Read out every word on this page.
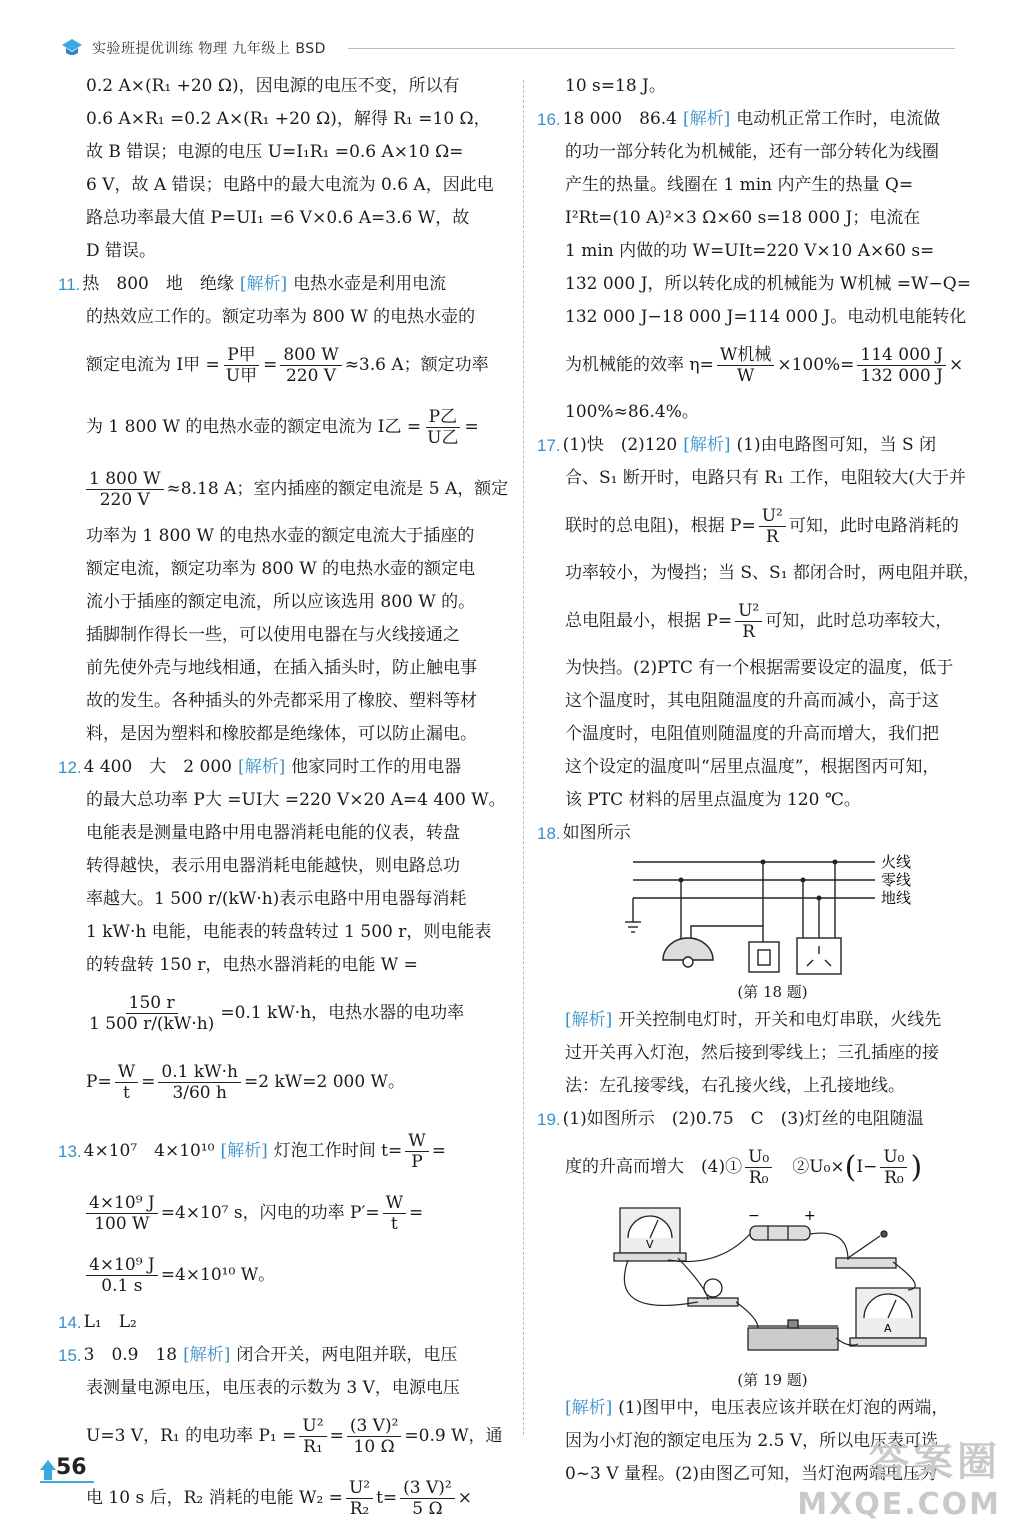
实验班提优训练 物理 九年级上 BSD
0.2 A×(R₁ +20 Ω)，因电源的电压不变，所以有
0.6 A×R₁ =0.2 A×(R₁ +20 Ω)，解得 R₁ =10 Ω，
故 B 错误；电源的电压 U=I₁R₁ =0.6 A×10 Ω=
6 V，故 A 错误；电路中的最大电流为 0.6 A，因此电
路总功率最大值 P=UI₁ =6 V×0.6 A=3.6 W，故
D 错误。
11. 热　800　地　绝缘 [ 解析 ] 电热水壶是利用电流
的热效应工作的。额定功率为 800 W 的电热水壶的
额定电流为 I甲 = $\frac{\text{P甲}}{\text{U甲}} = \frac{800 W}{220 V} \approx 3.6$ A；额定功率
为 1 800 W 的电热水壶的额定电流为 I乙 = $\frac{\text{P乙}}{\text{U乙}}$ =
$\frac{1 800 W}{220 V} \approx 8.18$ A；室内插座的额定电流是 5 A，额定
功率为 1 800 W 的电热水壶的额定电流大于插座的
额定电流，额定功率为 800 W 的电热水壶的额定电
流小于插座的额定电流，所以应该选用 800 W 的。
插脚制作得长一些，可以使用电器在与火线接通之
前先使外壳与地线相通，在插入插头时，防止触电事
故的发生。各种插头的外壳都采用了橡胶、塑料等材
料，是因为塑料和橡胶都是绝缘体，可以防止漏电。
12. 4 400　大　2 000 [ 解析 ] 他家同时工作的用电器
的最大总功率 P大 =UI大 =220 V×20 A=4 400 W。
电能表是测量电路中用电器消耗电能的仪表，转盘
转得越快，表示用电器消耗电能越快，则电路总功
率越大。1 500 r/(kW·h)表示电路中用电器每消耗
1 kW·h 电能，电能表的转盘转过 1 500 r，则电能表
的转盘转 150 r，电热水器消耗的电能 W =
$\frac{150 r}{1 500 r/(kW\cdot h)} =0.1$ kW·h，电热水器的电功率
$P= \frac{W}{t} = \frac{0.1 kW\cdot h}{3/60 h} =2$ kW=2 000 W。
13. 4×10⁷　4×10¹⁰ [ 解析 ] 灯泡工作时间 $t= \frac{W}{P}$ =
$\frac{\text{4×10⁹ J}}{100 W} =4\times 10^7$ s，闪电的功率 $P'= \frac{W}{t}$ =
$\frac{\text{4×10⁹ J}}{0.1 s} =4\times 10^{10}$ W。
14. L₁　L₂
15. 3　0.9　18 [ 解析 ] 闭合开关，两电阻并联，电压
表测量电源电压，电压表的示数为 3 V，电源电压
U=3 V，R₁ 的电功率 $P_1 = \frac{\text{U²}}{\text{R₁}} = \frac{\text{(3 V)²}}{10 \Omega} =0.9$ W，通
电 10 s 后，R₂ 消耗的电能 $W_2 = \frac{\text{U²}}{\text{R₂}} t= \frac{\text{(3 V)²}}{5 \Omega}$ ×
10 s=18 J。
16. 18 000　86.4 [ 解析 ] 电动机正常工作时，电流做
的功一部分转化为机械能，还有一部分转化为线圈
产生的热量。线圈在 1 min 内产生的热量 Q=
I²Rt=(10 A)²×3 Ω×60 s=18 000 J；电流在
1 min 内做的功 W=UIt=220 V×10 A×60 s=
132 000 J，所以转化成的机械能为 W机械 =W−Q=
132 000 J−18 000 J=114 000 J。电动机电能转化
为机械能的效率 $\eta= \frac{\text{W机械}}{W} \times 100\%= \frac{114 000 J}{132 000 J}$ ×
100%≈86.4%。
17. (1)快　(2)120 [ 解析 ] (1)由电路图可知，当 S 闭
合、S₁ 断开时，电路只有 R₁ 工作，电阻较大(大于并
联时的总电阻)，根据 $P= \frac{\text{U²}}{R}$ 可知，此时电路消耗的
功率较小，为慢挡；当 S、S₁ 都闭合时，两电阻并联，
总电阻最小，根据 $P= \frac{\text{U²}}{R}$ 可知，此时总功率较大，
为快挡。(2)PTC 有一个根据需要设定的温度，低于
这个温度时，其电阻随温度的升高而减小，高于这
个温度时，电阻值则随温度的升高而增大，我们把
这个设定的温度叫“居里点温度”，根据图丙可知，
该 PTC 材料的居里点温度为 120 ℃。
18. 如图所示
火线
零线
地线
(第 18 题)
[ 解析 ] 开关控制电灯时，开关和电灯串联，火线先
过开关再入灯泡，然后接到零线上；三孔插座的接
法：左孔接零线，右孔接火线，上孔接地线。
19. (1)如图所示　(2)0.75　C　(3)灯丝的电阻随温
度的升高而增大　(4)① $\frac{\text{U₀}}{\text{R₀}}$ 　②U₀× ( $I- \frac{\text{U₀}}{\text{R₀}}$ )
V
A
−	+
(第 19 题)
[ 解析 ] (1)图甲中，电压表应该并联在灯泡的两端，
因为小灯泡的额定电压为 2.5 V，所以电压表可选
0~3 V 量程。(2)由图乙可知，当灯泡两端电压为
56	答案圈
MXQE.COM
